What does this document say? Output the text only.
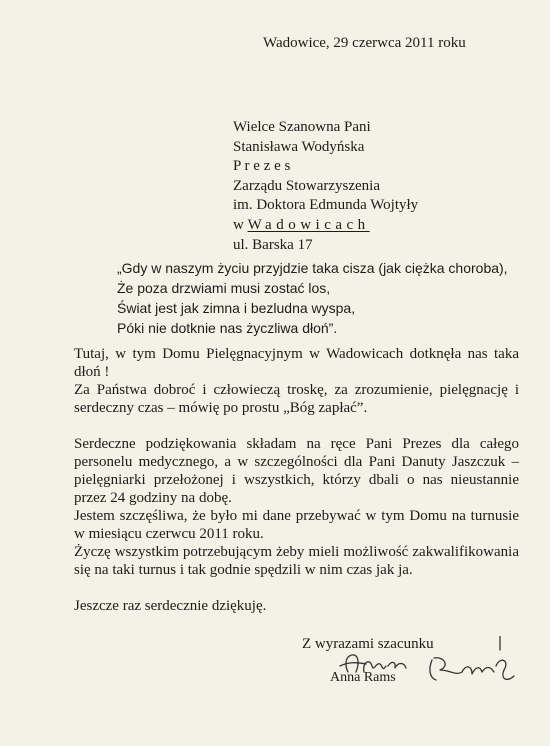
Wadowice, 29 czerwca 2011 roku
Wielce Szanowna Pani
Stanisława Wodyńska
P r e z e s
Zarządu Stowarzyszenia
im. Doktora Edmunda Wojtyły
w Wadowicach
ul. Barska 17
„Gdy w naszym życiu przyjdzie taka cisza (jak ciężka choroba),
Że poza drzwiami musi zostać los,
Świat jest jak zimna i bezludna wyspa,
Póki nie dotknie nas życzliwa dłoń”.

Tutaj, w tym Domu Pielęgnacyjnym w Wadowicach dotknęła nas taka dłoń !

Za Państwa dobroć i człowieczą troskę, za zrozumienie, pielęgnację i serdeczny czas – mówię po prostu „Bóg zapłać”.

Serdeczne podziękowania składam na ręce Pani Prezes dla całego personelu medycznego, a w szczególności dla Pani Danuty Jaszczuk – pielęgniarki przełożonej i wszystkich, którzy dbali o nas nieustannie przez 24 godziny na dobę.

Jestem szczęśliwa, że było mi dane przebywać w tym Domu na turnusie w miesiącu czerwcu 2011 roku.

Życzę wszystkim potrzebującym żeby mieli możliwość zakwalifikowania się na taki turnus i tak godnie spędzili w nim czas jak ja.

Jeszcze raz serdecznie dziękuję.

Z wyrazami szacunku
Anna Rams
